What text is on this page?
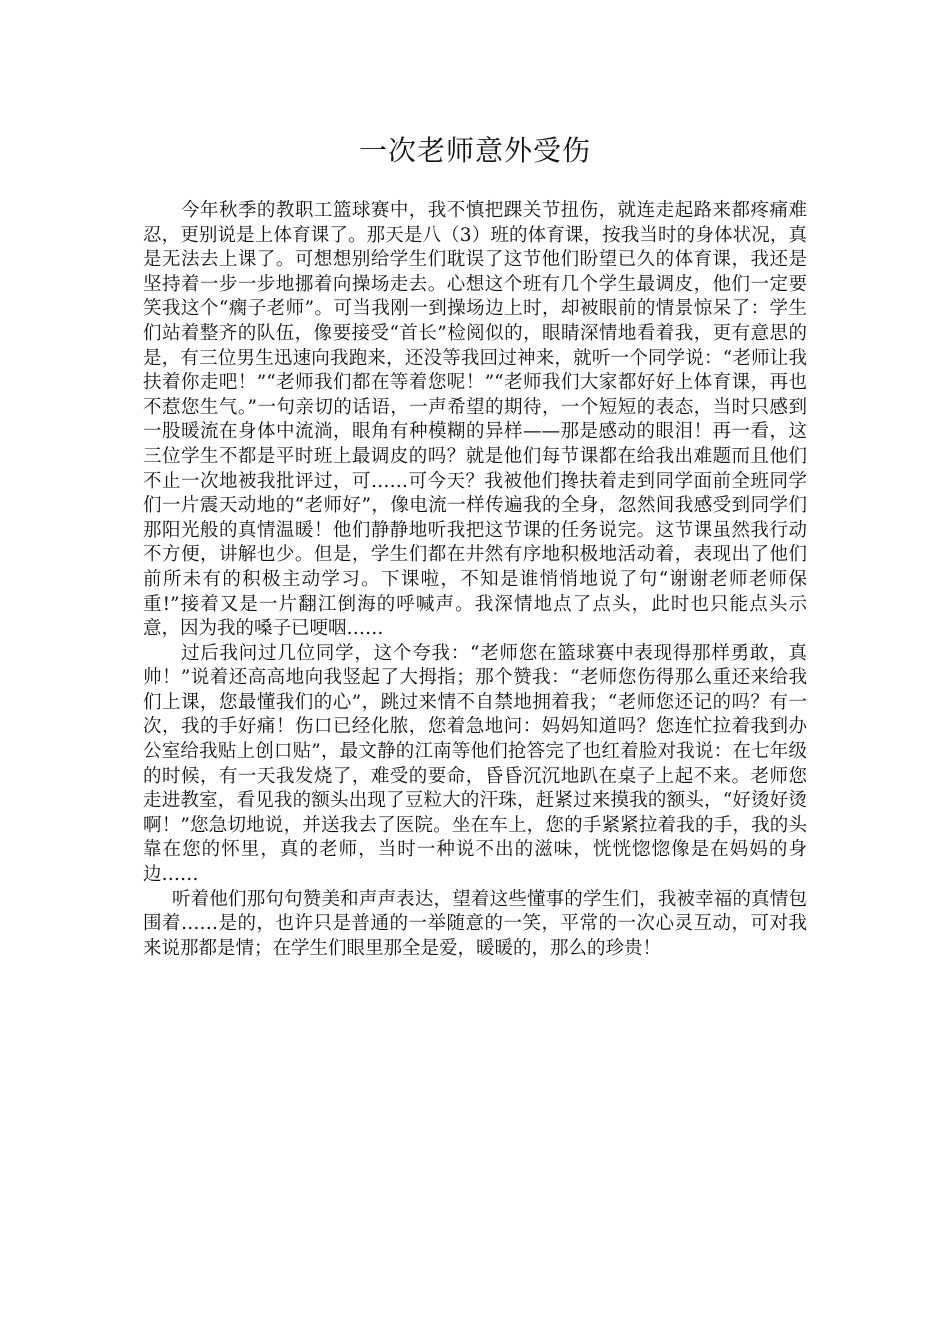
一次老师意外受伤

今年秋季的教职工篮球赛中，我不慎把踝关节扭伤，就连走起路来都疼痛难忍，更别说是上体育课了。那天是八（3）班的体育课，按我当时的身体状况，真是无法去上课了。可想想别给学生们耽误了这节他们盼望已久的体育课，我还是坚持着一步一步地挪着向操场走去。心想这个班有几个学生最调皮，他们一定要笑我这个“瘸子老师”。可当我刚一到操场边上时，却被眼前的情景惊呆了：学生们站着整齐的队伍，像要接受“首长”检阅似的，眼睛深情地看着我，更有意思的是，有三位男生迅速向我跑来，还没等我回过神来，就听一个同学说：“老师让我扶着你走吧！”“老师我们都在等着您呢！”“老师我们大家都好好上体育课，再也不惹您生气。”一句亲切的话语，一声希望的期待，一个短短的表态，当时只感到一股暖流在身体中流淌，眼角有种模糊的异样——那是感动的眼泪！再一看，这三位学生不都是平时班上最调皮的吗？就是他们每节课都在给我出难题而且他们不止一次地被我批评过，可……可今天？我被他们搀扶着走到同学面前全班同学们一片震天动地的“老师好”，像电流一样传遍我的全身，忽然间我感受到同学们那阳光般的真情温暖！他们静静地听我把这节课的任务说完。这节课虽然我行动不方便，讲解也少。但是，学生们都在井然有序地积极地活动着，表现出了他们前所未有的积极主动学习。下课啦，不知是谁悄悄地说了句“谢谢老师老师保重!”接着又是一片翻江倒海的呼喊声。我深情地点了点头，此时也只能点头示意，因为我的嗓子已哽咽……

过后我问过几位同学，这个夸我：“老师您在篮球赛中表现得那样勇敢，真帅！”说着还高高地向我竖起了大拇指；那个赞我：“老师您伤得那么重还来给我们上课，您最懂我们的心”，跳过来情不自禁地拥着我；“老师您还记的吗？有一次，我的手好痛！伤口已经化脓，您着急地问：妈妈知道吗？您连忙拉着我到办公室给我贴上创口贴”，最文静的江南等他们抢答完了也红着脸对我说：在七年级的时候，有一天我发烧了，难受的要命，昏昏沉沉地趴在桌子上起不来。老师您走进教室，看见我的额头出现了豆粒大的汗珠，赶紧过来摸我的额头，“好烫好烫啊！”您急切地说，并送我去了医院。坐在车上，您的手紧紧拉着我的手，我的头靠在您的怀里，真的老师，当时一种说不出的滋味，恍恍惚惚像是在妈妈的身边……

听着他们那句句赞美和声声表达，望着这些懂事的学生们，我被幸福的真情包围着……是的，也许只是普通的一举随意的一笑，平常的一次心灵互动，可对我来说那都是情；在学生们眼里那全是爱，暖暖的，那么的珍贵！
